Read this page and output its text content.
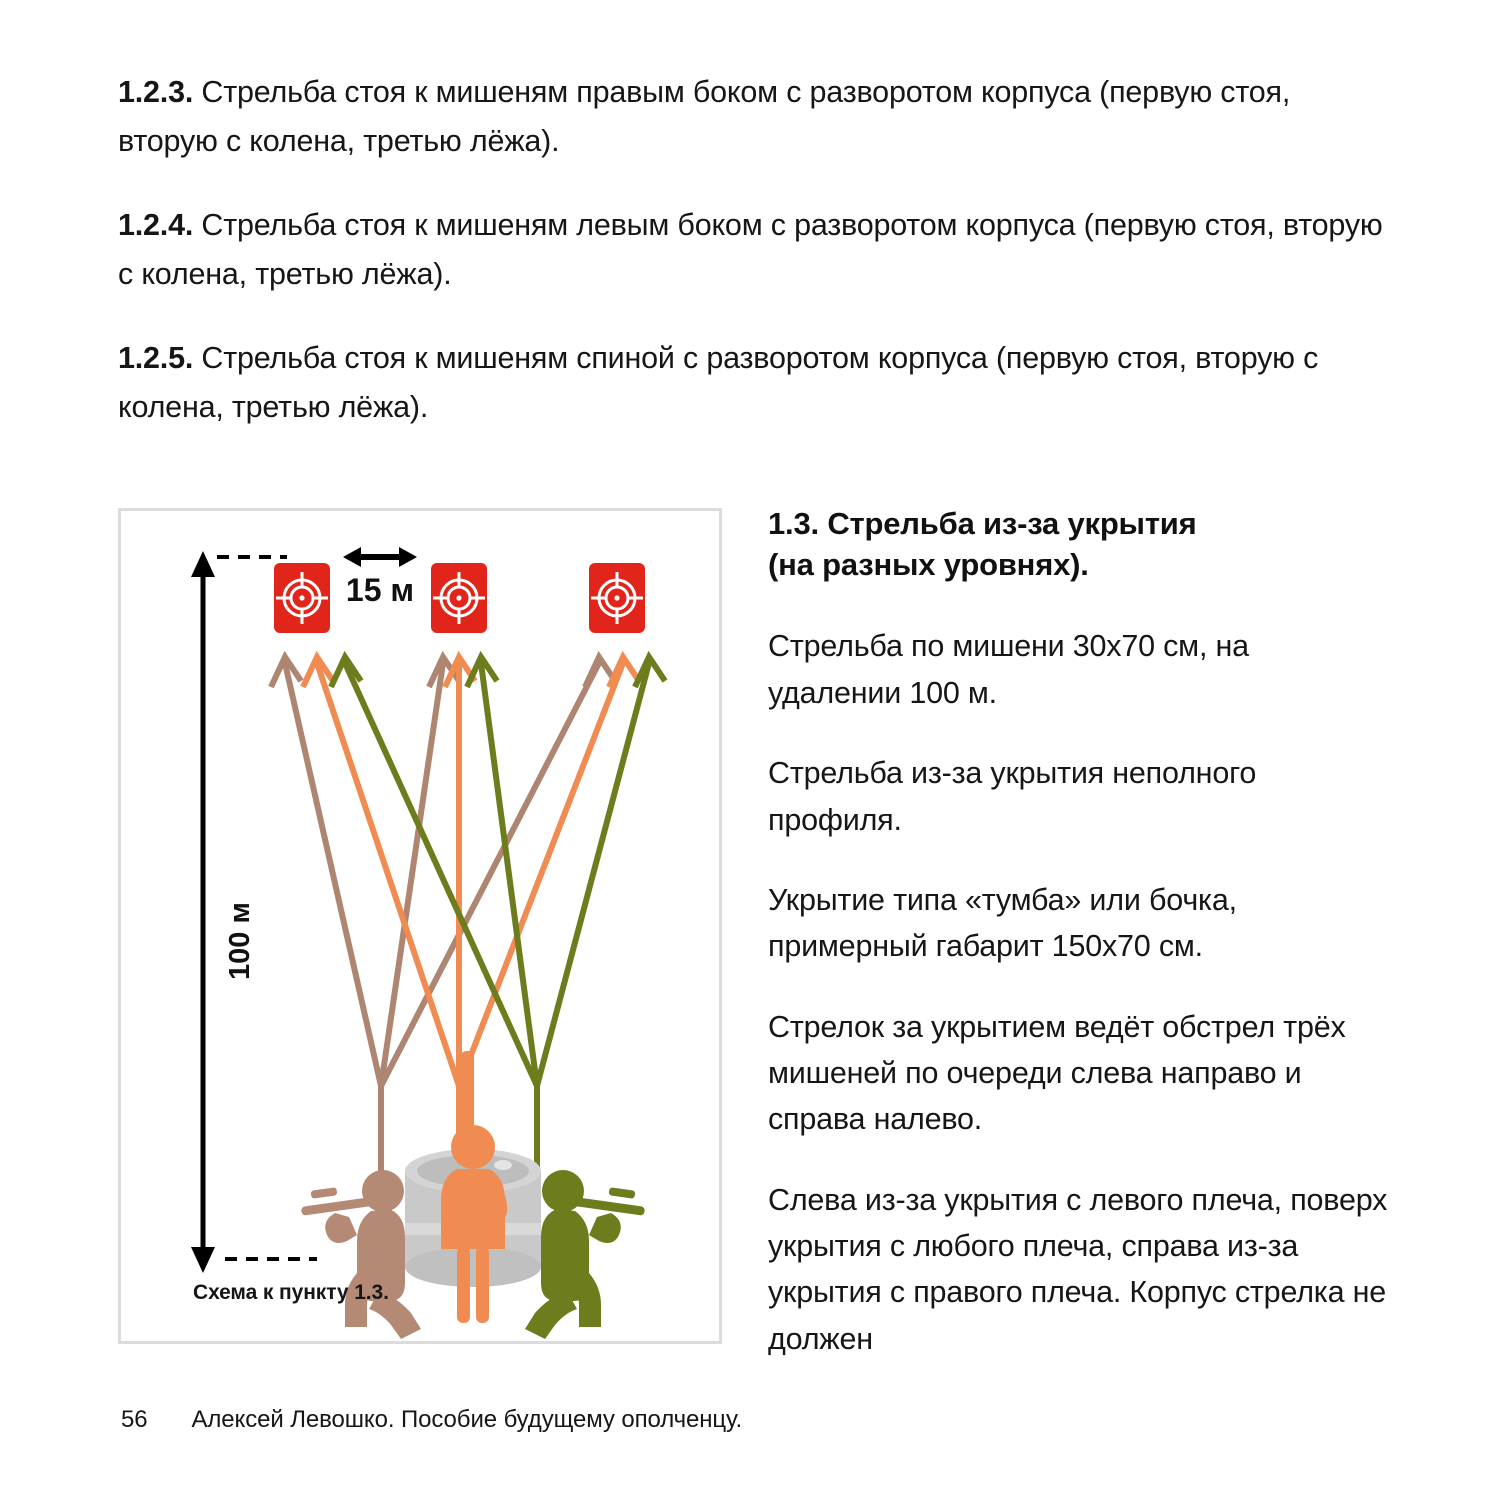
1.2.3. Стрельба стоя к мишеням правым боком с разворотом корпуса (первую стоя, вторую с колена, третью лёжа).

1.2.4. Стрельба стоя к мишеням левым боком с разворотом корпуса (первую стоя, вторую с колена, третью лёжа).

1.2.5. Стрельба стоя к мишеням спиной с разворотом корпуса (первую стоя, вторую с колена, третью лёжа).

100 м
15 м
Схема к пункту 1.3.
1.3. Стрельба из-за укрытия
(на разных уровнях).

Стрельба по мишени 30x70 см, на удалении 100 м.

Стрельба из-за укрытия неполного профиля.

Укрытие типа «тумба» или бочка, примерный габарит 150x70 см.

Стрелок за укрытием ведёт обстрел трёх мишеней по очереди слева направо и справа налево.

Слева из-за укрытия с левого плеча, поверх укрытия с любого плеча, справа из-за укрытия с правого плеча. Корпус стрелка не должен

56 Алексей Левошко. Пособие будущему ополченцу.
